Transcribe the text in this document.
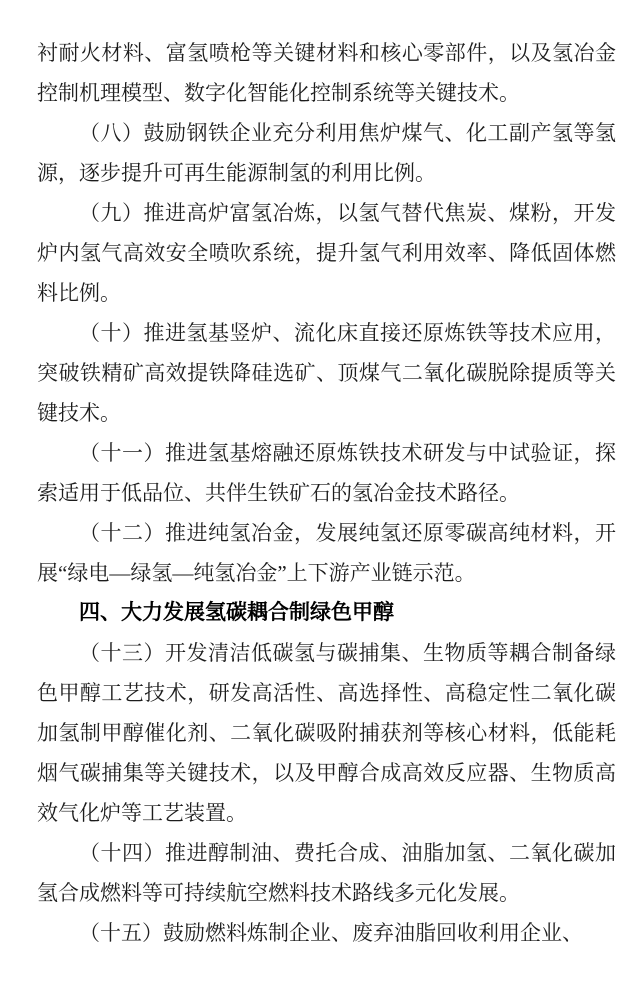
衬耐火材料、富氢喷枪等关键材料和核心零部件，以及氢冶金控制机理模型、数字化智能化控制系统等关键技术。

（八）鼓励钢铁企业充分利用焦炉煤气、化工副产氢等氢源，逐步提升可再生能源制氢的利用比例。

（九）推进高炉富氢冶炼，以氢气替代焦炭、煤粉，开发炉内氢气高效安全喷吹系统，提升氢气利用效率、降低固体燃料比例。

（十）推进氢基竖炉、流化床直接还原炼铁等技术应用，突破铁精矿高效提铁降硅选矿、顶煤气二氧化碳脱除提质等关键技术。

（十一）推进氢基熔融还原炼铁技术研发与中试验证，探索适用于低品位、共伴生铁矿石的氢冶金技术路径。

（十二）推进纯氢冶金，发展纯氢还原零碳高纯材料，开展“绿电—绿氢—纯氢冶金”上下游产业链示范。

四、大力发展氢碳耦合制绿色甲醇

（十三）开发清洁低碳氢与碳捕集、生物质等耦合制备绿色甲醇工艺技术，研发高活性、高选择性、高稳定性二氧化碳加氢制甲醇催化剂、二氧化碳吸附捕获剂等核心材料，低能耗烟气碳捕集等关键技术，以及甲醇合成高效反应器、生物质高效气化炉等工艺装置。

（十四）推进醇制油、费托合成、油脂加氢、二氧化碳加氢合成燃料等可持续航空燃料技术路线多元化发展。

（十五）鼓励燃料炼制企业、废弃油脂回收利用企业、
